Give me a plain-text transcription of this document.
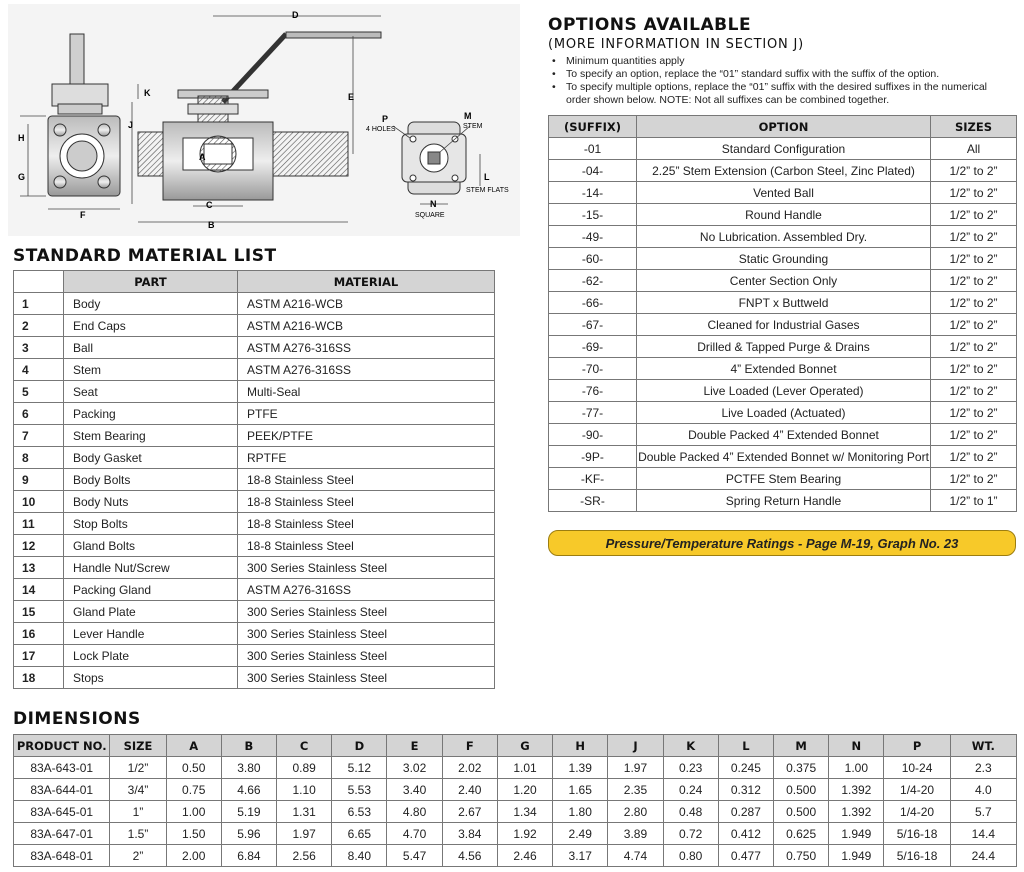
H
G
F
D
E
K
J
A
C
B
P
4 HOLES
M
STEM
L
STEM FLATS
N
SQUARE
STANDARD MATERIAL LIST
	PART	MATERIAL
1	Body	ASTM A216-WCB
2	End Caps	ASTM A216-WCB
3	Ball	ASTM A276-316SS
4	Stem	ASTM A276-316SS
5	Seat	Multi-Seal
6	Packing	PTFE
7	Stem Bearing	PEEK/PTFE
8	Body Gasket	RPTFE
9	Body Bolts	18-8 Stainless Steel
10	Body Nuts	18-8 Stainless Steel
11	Stop Bolts	18-8 Stainless Steel
12	Gland Bolts	18-8 Stainless Steel
13	Handle Nut/Screw	300 Series Stainless Steel
14	Packing Gland	ASTM A276-316SS
15	Gland Plate	300 Series Stainless Steel
16	Lever Handle	300 Series Stainless Steel
17	Lock Plate	300 Series Stainless Steel
18	Stops	300 Series Stainless Steel
OPTIONS AVAILABLE
(MORE INFORMATION IN SECTION J)
• Minimum quantities apply
• To specify an option, replace the “01” standard suffix with the suffix of the option.
• To specify multiple options, replace the “01” suffix with the desired suffixes in the numerical order shown below. NOTE: Not all suffixes can be combined together.
(SUFFIX)	OPTION	SIZES
-01	Standard Configuration	All
-04-	2.25” Stem Extension (Carbon Steel, Zinc Plated)	1/2” to 2”
-14-	Vented Ball	1/2” to 2”
-15-	Round Handle	1/2” to 2”
-49-	No Lubrication. Assembled Dry.	1/2” to 2”
-60-	Static Grounding	1/2” to 2”
-62-	Center Section Only	1/2” to 2”
-66-	FNPT x Buttweld	1/2” to 2”
-67-	Cleaned for Industrial Gases	1/2” to 2”
-69-	Drilled & Tapped Purge & Drains	1/2” to 2”
-70-	4” Extended Bonnet	1/2” to 2”
-76-	Live Loaded (Lever Operated)	1/2” to 2”
-77-	Live Loaded (Actuated)	1/2” to 2”
-90-	Double Packed 4” Extended Bonnet	1/2” to 2”
-9P-	Double Packed 4” Extended Bonnet w/ Monitoring Port	1/2” to 2”
-KF-	PCTFE Stem Bearing	1/2” to 2”
-SR-	Spring Return Handle	1/2” to 1”
Pressure/Temperature Ratings - Page M-19, Graph No. 23
DIMENSIONS
PRODUCT NO.	SIZE	A	B	C	D	E	F	G	H	J	K	L	M	N	P	WT.
83A-643-01	1/2”	0.50	3.80	0.89	5.12	3.02	2.02	1.01	1.39	1.97	0.23	0.245	0.375	1.00	10-24	2.3
83A-644-01	3/4”	0.75	4.66	1.10	5.53	3.40	2.40	1.20	1.65	2.35	0.24	0.312	0.500	1.392	1/4-20	4.0
83A-645-01	1”	1.00	5.19	1.31	6.53	4.80	2.67	1.34	1.80	2.80	0.48	0.287	0.500	1.392	1/4-20	5.7
83A-647-01	1.5”	1.50	5.96	1.97	6.65	4.70	3.84	1.92	2.49	3.89	0.72	0.412	0.625	1.949	5/16-18	14.4
83A-648-01	2”	2.00	6.84	2.56	8.40	5.47	4.56	2.46	3.17	4.74	0.80	0.477	0.750	1.949	5/16-18	24.4
